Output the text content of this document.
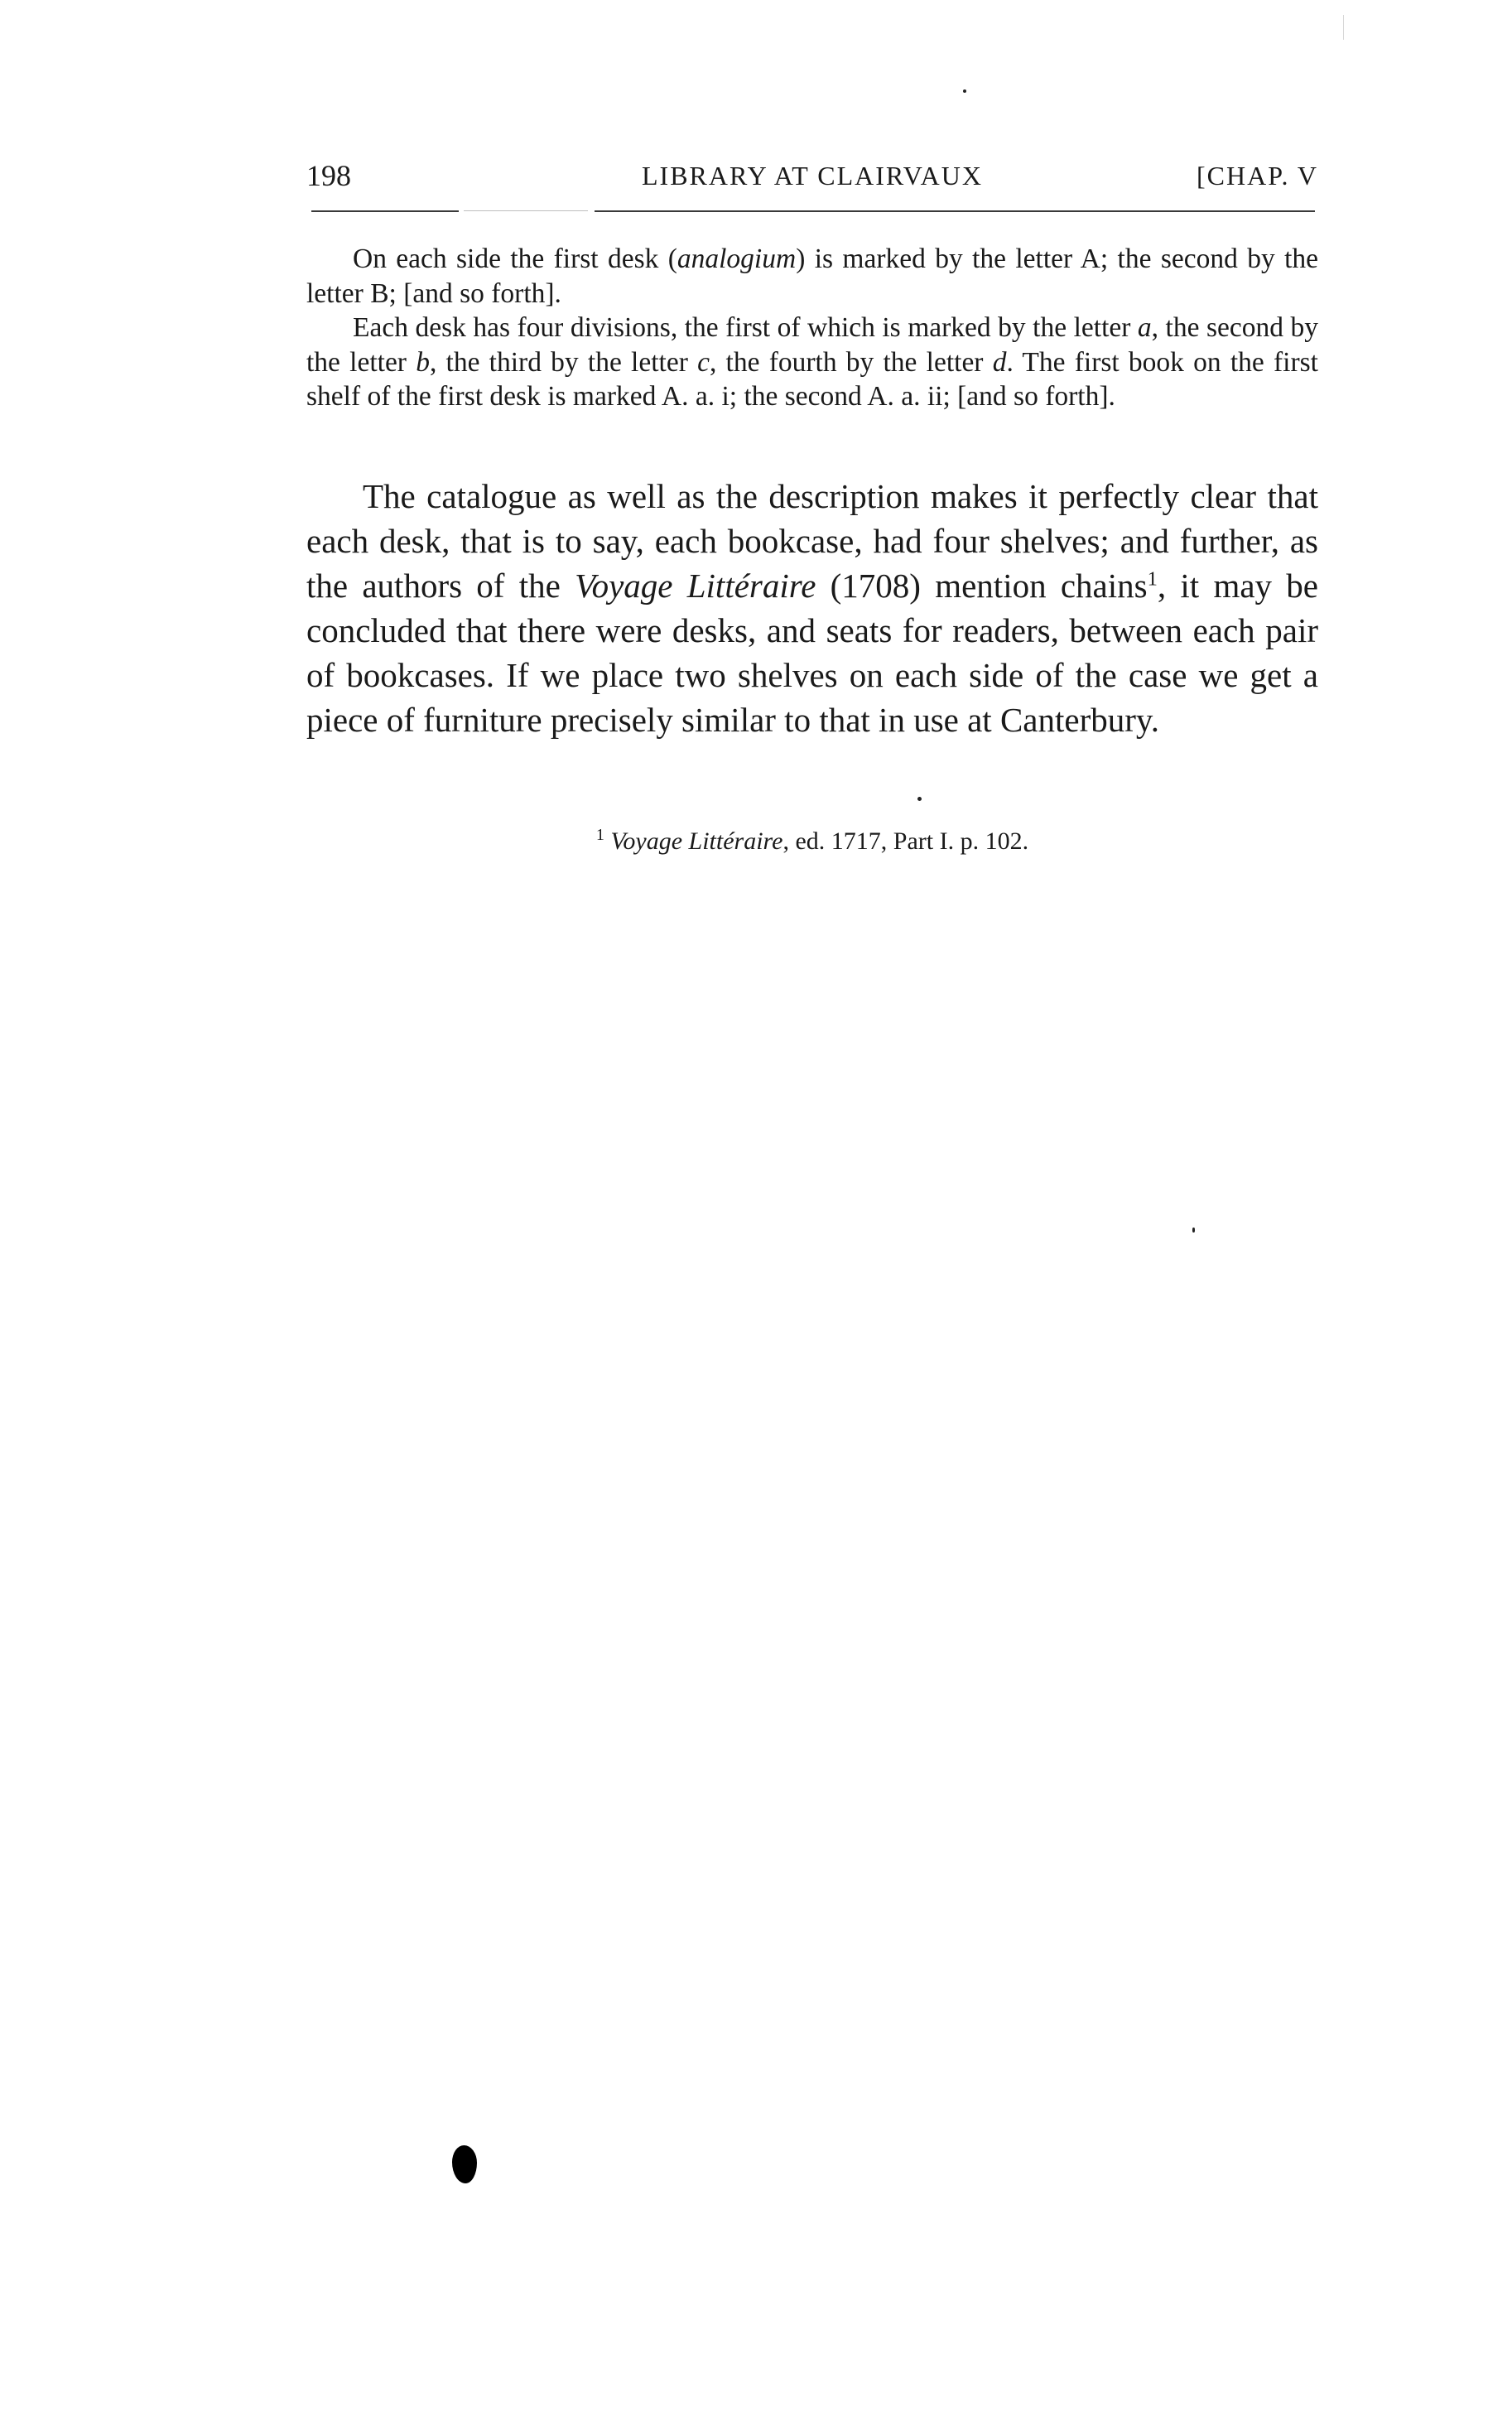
198	LIBRARY AT CLAIRVAUX	[CHAP. V

On each side the first desk (analogium) is marked by the letter A; the second by the letter B; [and so forth].

Each desk has four divisions, the first of which is marked by the letter a, the second by the letter b, the third by the letter c, the fourth by the letter d. The first book on the first shelf of the first desk is marked A. a. i; the second A. a. ii; [and so forth].

The catalogue as well as the description makes it perfectly clear that each desk, that is to say, each bookcase, had four shelves; and further, as the authors of the Voyage Littéraire (1708) mention chains$^1$, it may be concluded that there were desks, and seats for readers, between each pair of bookcases. If we place two shelves on each side of the case we get a piece of furniture precisely similar to that in use at Canterbury.

$^1$ Voyage Littéraire, ed. 1717, Part I. p. 102.
